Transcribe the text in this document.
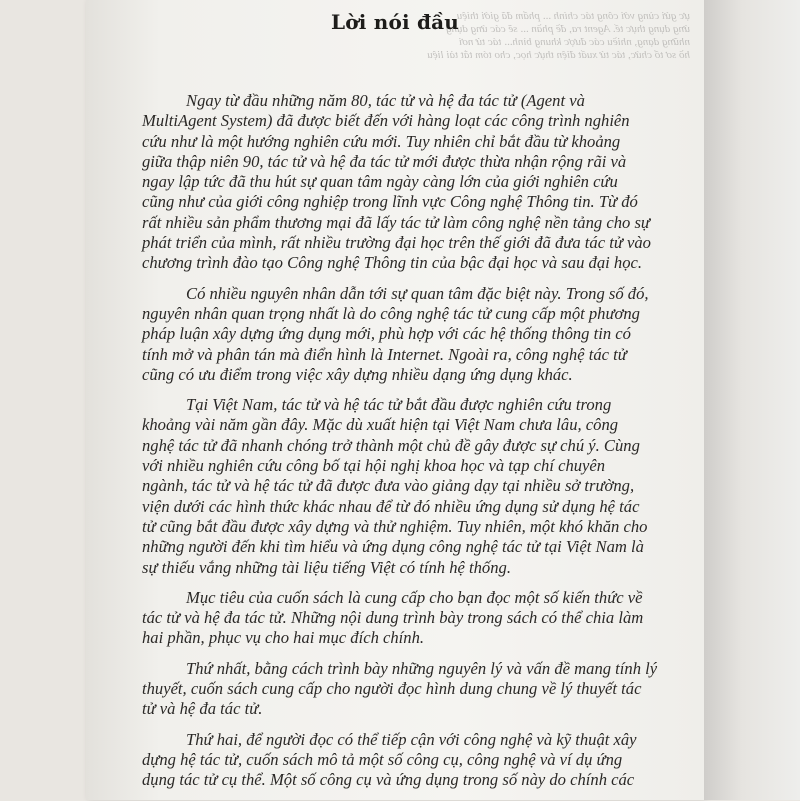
ực gửi cùng với công tác chính ... phẩm đã giới thiệu
ứng dụng thực tế. Agent ra, đề phần ... sẽ các ứng dụng
những dạng, nhiều các được khung bình... tác tử nơi
hồ sơ tổ chức, tác tử xuất điện thực học, cho tóm tắt tài liệu
Lời nói đầu
Ngay từ đầu những năm 80, tác tử và hệ đa tác tử (Agent và
MultiAgent System) đã được biết đến với hàng loạt các công trình nghiên
cứu như là một hướng nghiên cứu mới. Tuy nhiên chỉ bắt đầu từ khoảng
giữa thập niên 90, tác tử và hệ đa tác tử mới được thừa nhận rộng rãi và
ngay lập tức đã thu hút sự quan tâm ngày càng lớn của giới nghiên cứu
cũng như của giới công nghiệp trong lĩnh vực Công nghệ Thông tin. Từ đó
rất nhiều sản phẩm thương mại đã lấy tác tử làm công nghệ nền tảng cho sự
phát triển của mình, rất nhiều trường đại học trên thế giới đã đưa tác tử vào
chương trình đào tạo Công nghệ Thông tin của bậc đại học và sau đại học.
Có nhiều nguyên nhân dẫn tới sự quan tâm đặc biệt này. Trong số đó,
nguyên nhân quan trọng nhất là do công nghệ tác tử cung cấp một phương
pháp luận xây dựng ứng dụng mới, phù hợp với các hệ thống thông tin có
tính mở và phân tán mà điển hình là Internet. Ngoài ra, công nghệ tác tử
cũng có ưu điểm trong việc xây dựng nhiều dạng ứng dụng khác.
Tại Việt Nam, tác tử và hệ tác tử bắt đầu được nghiên cứu trong
khoảng vài năm gần đây. Mặc dù xuất hiện tại Việt Nam chưa lâu, công
nghệ tác tử đã nhanh chóng trở thành một chủ đề gây được sự chú ý. Cùng
với nhiều nghiên cứu công bố tại hội nghị khoa học và tạp chí chuyên
ngành, tác tử và hệ tác tử đã được đưa vào giảng dạy tại nhiều sở trường,
viện dưới các hình thức khác nhau để từ đó nhiều ứng dụng sử dụng hệ tác
tử cũng bắt đầu được xây dựng và thử nghiệm. Tuy nhiên, một khó khăn cho
những người đến khi tìm hiểu và ứng dụng công nghệ tác tử tại Việt Nam là
sự thiếu vắng những tài liệu tiếng Việt có tính hệ thống.
Mục tiêu của cuốn sách là cung cấp cho bạn đọc một số kiến thức về
tác tử và hệ đa tác tử. Những nội dung trình bày trong sách có thể chia làm
hai phần, phục vụ cho hai mục đích chính.
Thứ nhất, bằng cách trình bày những nguyên lý và vấn đề mang tính lý
thuyết, cuốn sách cung cấp cho người đọc hình dung chung về lý thuyết tác
tử và hệ đa tác tử.
Thứ hai, để người đọc có thể tiếp cận với công nghệ và kỹ thuật xây
dựng hệ tác tử, cuốn sách mô tả một số công cụ, công nghệ và ví dụ ứng
dụng tác tử cụ thể. Một số công cụ và ứng dụng trong số này do chính các
